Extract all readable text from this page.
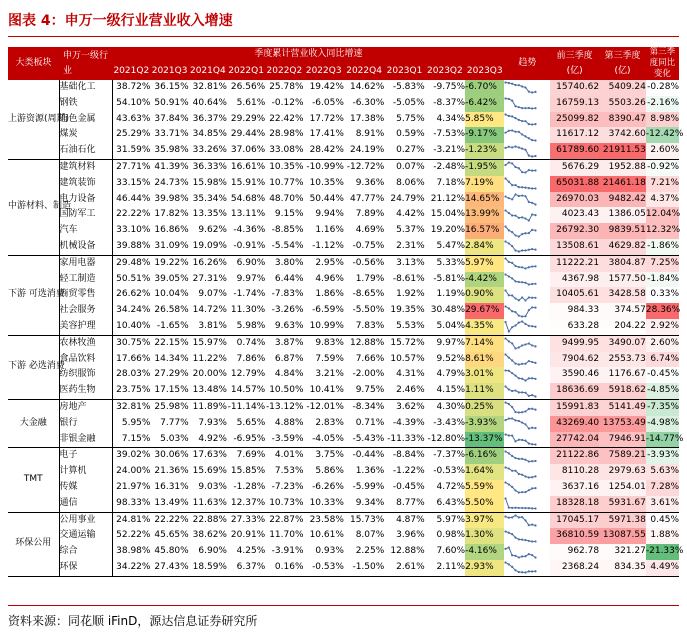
图表 4：申万一级行业营业收入增速
大类板块	申万一级行业	季度累计营业收入同比增速										趋势	前三季度(亿)	第三季度(亿)	第三季度同比变化
		2021Q2	2021Q3	2021Q4	2022Q1	2022Q2	2022Q3	2022Q4	2023Q1	2023Q2	2023Q3				
上游资源(周期)	基础化工	38.72%	36.15%	32.81%	26.56%	25.78%	19.42%	14.62%	-5.83%	-9.75%	-6.70%		15740.62	5409.24	-0.28%
	钢铁	54.10%	50.91%	40.64%	5.61%	-0.12%	-6.05%	-6.30%	-5.05%	-8.37%	-6.42%		16759.13	5503.26	-2.16%
	有色金属	43.63%	37.84%	36.37%	29.29%	22.42%	17.72%	17.38%	5.75%	4.34%	5.85%		25099.82	8390.47	8.98%
	煤炭	25.29%	33.71%	34.85%	29.44%	28.98%	17.41%	8.91%	0.59%	-7.53%	-9.17%		11617.12	3742.60	-12.42%
	石油石化	31.59%	35.98%	33.26%	37.06%	33.08%	28.42%	24.19%	0.27%	-3.21%	-1.23%		61789.60	21911.53	2.60%
中游材料、制造	建筑材料	27.71%	41.39%	36.33%	16.61%	10.35%	-10.99%	-12.72%	0.07%	-2.48%	-1.95%		5676.29	1952.88	-0.92%
	建筑装饰	33.15%	24.73%	15.98%	15.91%	10.77%	10.35%	9.36%	8.06%	7.18%	7.19%		65031.88	21461.18	7.21%
	电力设备	46.44%	39.98%	35.34%	54.68%	48.70%	50.44%	47.77%	24.79%	21.12%	14.65%		26970.03	9482.42	4.37%
	国防军工	22.22%	17.82%	13.35%	13.11%	9.15%	9.94%	7.89%	4.42%	15.04%	13.99%		4023.43	1386.05	12.04%
	汽车	33.10%	16.86%	9.62%	-4.36%	-8.85%	1.16%	4.69%	5.37%	19.20%	16.57%		26792.30	9839.51	12.32%
	机械设备	39.88%	31.09%	19.09%	-0.91%	-5.54%	-1.12%	-0.75%	2.31%	5.47%	2.84%		13508.61	4629.82	-1.86%
下游 可选消费	家用电器	29.48%	19.22%	16.26%	6.90%	3.80%	2.95%	-0.56%	3.13%	5.33%	5.97%		11222.21	3804.87	7.25%
	轻工制造	50.51%	39.05%	27.31%	9.97%	6.44%	4.96%	1.79%	-8.61%	-5.81%	-4.42%		4367.98	1577.50	-1.84%
	商贸零售	26.62%	10.04%	9.07%	-1.74%	-7.83%	1.86%	-8.65%	1.92%	1.19%	0.90%		10405.61	3428.58	0.33%
	社会服务	34.24%	26.58%	14.72%	11.30%	-3.26%	-6.59%	-5.50%	19.35%	30.48%	29.67%		984.33	374.57	28.36%
	美容护理	10.40%	-1.65%	3.81%	5.98%	9.63%	10.99%	7.83%	5.53%	5.04%	4.35%		633.28	204.22	2.92%
下游 必选消费	农林牧渔	30.75%	22.15%	15.97%	0.74%	3.87%	9.83%	12.88%	15.72%	9.97%	7.14%		9499.95	3490.07	2.60%
	食品饮料	17.66%	14.34%	11.22%	7.86%	6.87%	7.59%	7.66%	10.57%	9.52%	8.61%		7904.62	2553.73	6.74%
	纺织服饰	28.03%	27.29%	20.00%	12.79%	4.84%	3.21%	-2.00%	4.31%	4.79%	3.01%		3590.46	1176.67	-0.45%
	医药生物	23.75%	17.15%	13.48%	14.57%	10.50%	10.41%	9.75%	2.46%	4.15%	1.11%		18636.69	5918.62	-4.85%
大金融	房地产	32.81%	25.98%	11.89%	-11.14%	-13.12%	-12.01%	-8.34%	3.62%	4.30%	0.25%		15991.83	5141.49	-7.35%
	银行	5.95%	7.77%	7.93%	5.65%	4.88%	2.83%	0.71%	-4.39%	-3.43%	-3.93%		43269.40	13753.49	-4.98%
	非银金融	7.15%	5.03%	4.92%	-6.95%	-3.59%	-4.05%	-5.43%	-11.33%	-12.80%	-13.37%		27742.04	7946.91	-14.77%
TMT	电子	39.02%	30.06%	17.63%	7.69%	4.01%	3.75%	-0.44%	-8.84%	-7.37%	-6.16%		21122.86	7589.21	-3.93%
	计算机	24.00%	21.36%	15.69%	15.85%	7.53%	5.86%	1.36%	-1.22%	-0.53%	1.64%		8110.28	2979.63	5.63%
	传媒	21.97%	16.31%	9.03%	-1.28%	-7.23%	-6.26%	-5.99%	-0.45%	4.72%	5.59%		3637.16	1254.01	7.28%
	通信	98.33%	13.49%	11.63%	12.37%	10.73%	10.33%	9.34%	8.77%	6.43%	5.50%		18328.18	5931.67	3.61%
环保公用	公用事业	24.81%	22.22%	22.88%	27.33%	22.87%	23.58%	15.73%	4.87%	5.97%	3.97%		17045.17	5971.38	0.45%
	交通运输	52.22%	45.65%	38.62%	20.91%	11.70%	10.61%	8.07%	3.96%	0.98%	1.30%		36810.59	13087.55	1.88%
	综合	38.98%	45.80%	6.90%	4.25%	-3.91%	0.93%	2.25%	12.88%	7.60%	-4.16%		962.78	321.27	-21.33%
	环保	34.22%	27.43%	18.59%	6.37%	0.16%	-0.53%	-1.50%	2.61%	2.11%	2.93%		2368.24	834.35	4.49%
资料来源：同花顺 iFinD，源达信息证券研究所
